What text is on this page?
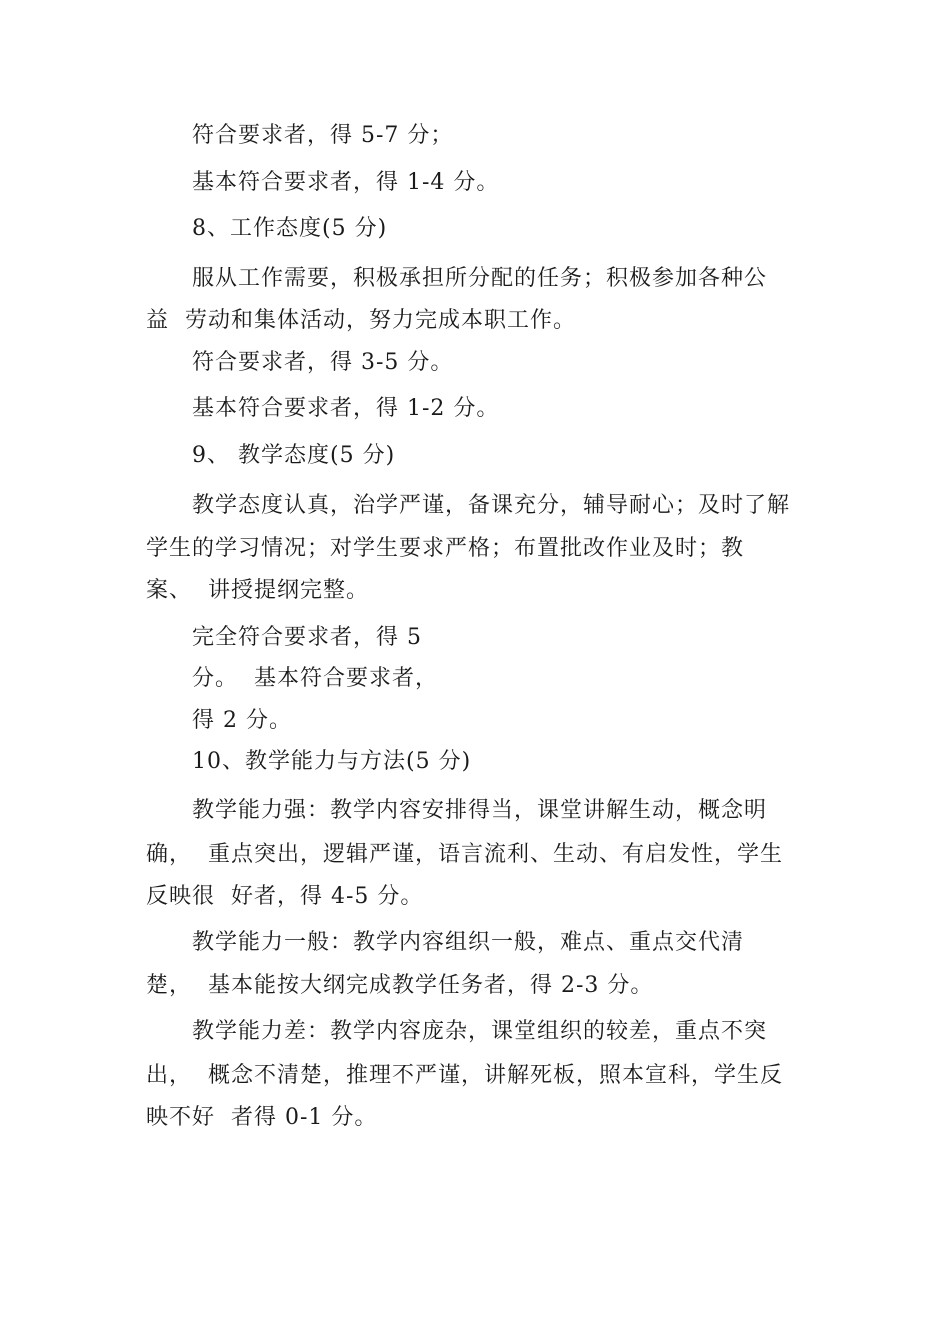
符合要求者，得 5-7 分；
基本符合要求者，得 1-4 分。
8、工作态度(5 分)
服从工作需要，积极承担所分配的任务；积极参加各种公
益  劳动和集体活动，努力完成本职工作。
符合要求者，得 3-5 分。
基本符合要求者，得 1-2 分。
9、 教学态度(5 分)
教学态度认真，治学严谨，备课充分，辅导耐心；及时了解
学生的学习情况；对学生要求严格；布置批改作业及时；教
案、  讲授提纲完整。
完全符合要求者，得 5
分。  基本符合要求者，
得 2 分。
10、教学能力与方法(5 分)
教学能力强：教学内容安排得当，课堂讲解生动，概念明
确，  重点突出，逻辑严谨，语言流利、生动、有启发性，学生
反映很  好者，得 4-5 分。
教学能力一般：教学内容组织一般，难点、重点交代清
楚，  基本能按大纲完成教学任务者，得 2-3 分。
教学能力差：教学内容庞杂，课堂组织的较差，重点不突
出，  概念不清楚，推理不严谨，讲解死板，照本宣科，学生反
映不好  者得 0-1 分。
